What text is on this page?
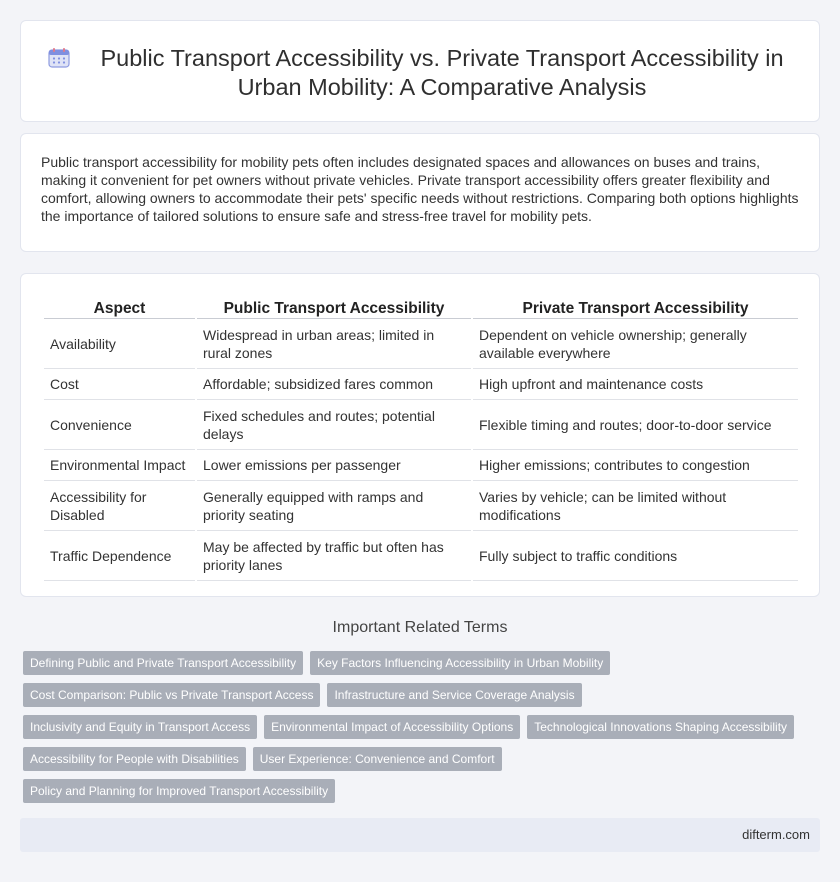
Public Transport Accessibility vs. Private Transport Accessibility in Urban Mobility: A Comparative Analysis

Public transport accessibility for mobility pets often includes designated spaces and allowances on buses and trains, making it convenient for pet owners without private vehicles. Private transport accessibility offers greater flexibility and comfort, allowing owners to accommodate their pets' specific needs without restrictions. Comparing both options highlights the importance of tailored solutions to ensure safe and stress-free travel for mobility pets.

Aspect	Public Transport Accessibility	Private Transport Accessibility
Availability	Widespread in urban areas; limited in rural zones	Dependent on vehicle ownership; generally available everywhere
Cost	Affordable; subsidized fares common	High upfront and maintenance costs
Convenience	Fixed schedules and routes; potential delays	Flexible timing and routes; door-to-door service
Environmental Impact	Lower emissions per passenger	Higher emissions; contributes to congestion
Accessibility for Disabled	Generally equipped with ramps and priority seating	Varies by vehicle; can be limited without modifications
Traffic Dependence	May be affected by traffic but often has priority lanes	Fully subject to traffic conditions
Important Related Terms
Defining Public and Private Transport Accessibility	Key Factors Influencing Accessibility in Urban Mobility
Cost Comparison: Public vs Private Transport Access	Infrastructure and Service Coverage Analysis
Inclusivity and Equity in Transport Access	Environmental Impact of Accessibility Options	Technological Innovations Shaping Accessibility
Accessibility for People with Disabilities	User Experience: Convenience and Comfort
Policy and Planning for Improved Transport Accessibility
difterm.com
